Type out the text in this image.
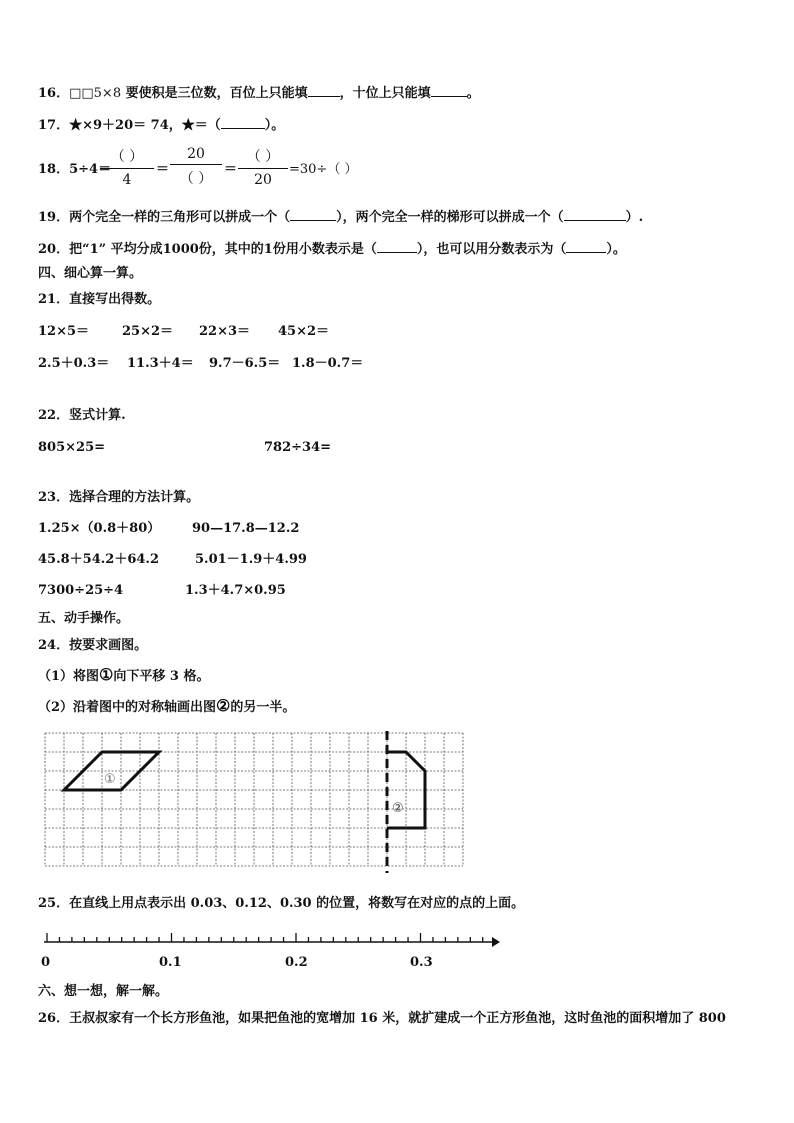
16．□□5×8 要使积是三位数，百位上只能填 ，十位上只能填	。
17．★×9＋20＝ 74，★＝（	）。
18．5÷4＝
（ ）
4
＝
20
（ ）
＝
（ ）
20
=30÷（ ）
19．两个完全一样的三角形可以拼成一个（	），两个完全一样的梯形可以拼成一个（	）.
20．把“1” 平均分成1000份，其中的1份用小数表示是（	），也可以用分数表示为（	）。
四、细心算一算。
21．直接写出得数。
12×5＝	25×2＝ 22×3＝ 45×2＝
2.5＋0.3＝ 11.3＋4＝ 9.7－6.5＝ 1.8－0.7＝
22．竖式计算.
805×25=	782÷34=
23．选择合理的方法计算。
1.25×（0.8＋80） 90—17.8—12.2
45.8＋54.2＋64.2	5.01－1.9＋4.99
7300÷25÷4	1.3＋4.7×0.95
五、动手操作。
24．按要求画图。
（1）将图①向下平移 3 格。
（2）沿着图中的对称轴画出图②的另一半。
①
②
25．在直线上用点表示出 0.03、0.12、0.30 的位置，将数写在对应的点的上面。
0	0.1	0.2	0.3
六、想一想，解一解。
26．王叔叔家有一个长方形鱼池，如果把鱼池的宽增加 16 米，就扩建成一个正方形鱼池，这时鱼池的面积增加了 800
